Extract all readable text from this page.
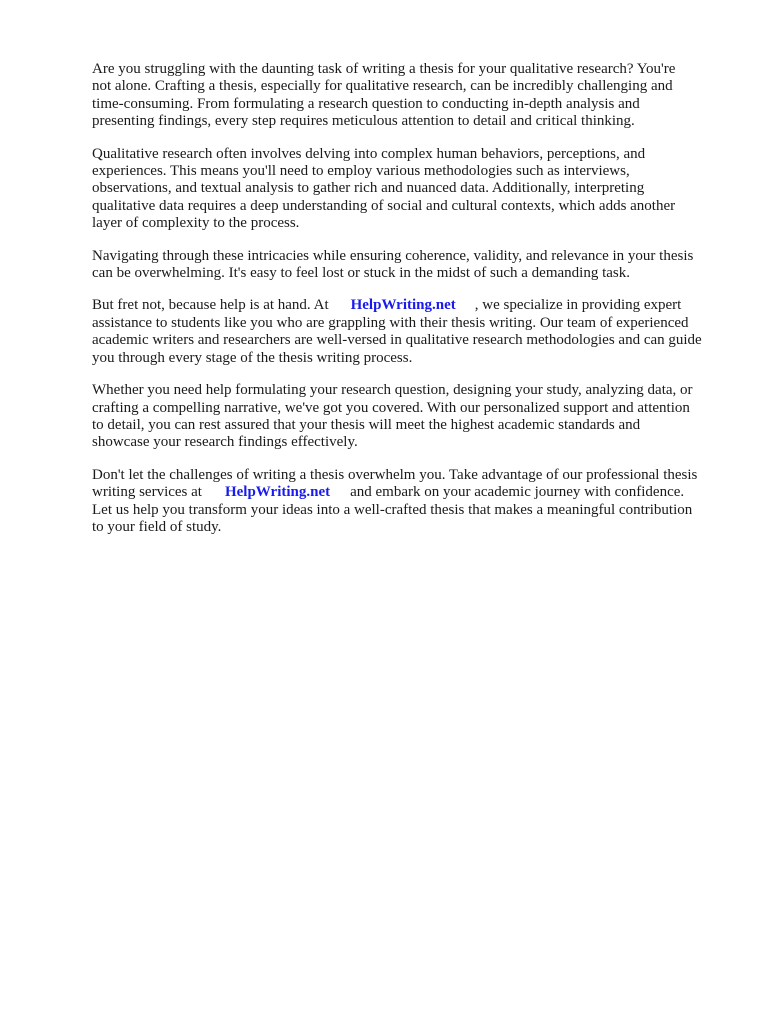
Are you struggling with the daunting task of writing a thesis for your qualitative research? You're
not alone. Crafting a thesis, especially for qualitative research, can be incredibly challenging and
time-consuming. From formulating a research question to conducting in-depth analysis and
presenting findings, every step requires meticulous attention to detail and critical thinking.

Qualitative research often involves delving into complex human behaviors, perceptions, and
experiences. This means you'll need to employ various methodologies such as interviews,
observations, and textual analysis to gather rich and nuanced data. Additionally, interpreting
qualitative data requires a deep understanding of social and cultural contexts, which adds another
layer of complexity to the process.

Navigating through these intricacies while ensuring coherence, validity, and relevance in your thesis
can be overwhelming. It's easy to feel lost or stuck in the midst of such a demanding task.

But fret not, because help is at hand. At HelpWriting.net , we specialize in providing expert
assistance to students like you who are grappling with their thesis writing. Our team of experienced
academic writers and researchers are well-versed in qualitative research methodologies and can guide
you through every stage of the thesis writing process.

Whether you need help formulating your research question, designing your study, analyzing data, or
crafting a compelling narrative, we've got you covered. With our personalized support and attention
to detail, you can rest assured that your thesis will meet the highest academic standards and
showcase your research findings effectively.

Don't let the challenges of writing a thesis overwhelm you. Take advantage of our professional thesis
writing services at HelpWriting.net and embark on your academic journey with confidence.
Let us help you transform your ideas into a well-crafted thesis that makes a meaningful contribution
to your field of study.
